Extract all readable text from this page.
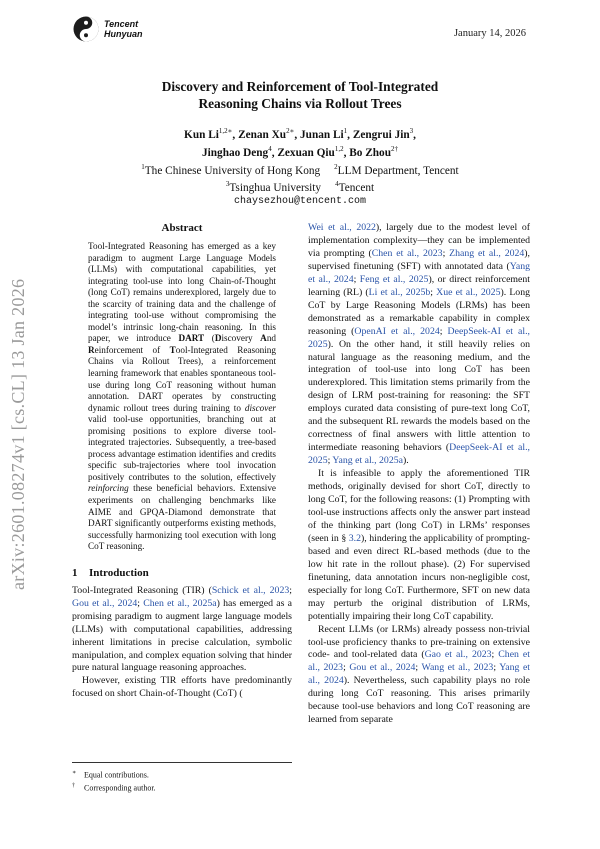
Tencent
Hunyuan	January 14, 2026
arXiv:2601.08274v1 [cs.CL] 13 Jan 2026
Discovery and Reinforcement of Tool-Integrated
Reasoning Chains via Rollout Trees
Kun $Li^{1,2∗}$, Zenan $Xu^{2∗}$, Junan Li$^1$, Zengrui Jin$^3$,
Jinghao Deng$^4$, Zexuan Qiu$^{1,2}$, Bo Zhou$^{2\dagger}$
$^1$The Chinese University of Hong Kong $^2$LLM Department, Tencent
$^3$Tsinghua University $^4$Tencent
chaysezhou@tencent.com
Abstract
Tool-Integrated Reasoning has emerged as a key paradigm to augment Large Language Models (LLMs) with computational capabilities, yet integrating tool-use into long Chain-of-Thought (long CoT) remains underexplored, largely due to the scarcity of training data and the challenge of integrating tool-use without compromising the model’s intrinsic long-chain reasoning. In this paper, we introduce DART (Discovery And Reinforcement of Tool-Integrated Reasoning Chains via Rollout Trees), a reinforcement learning framework that enables spontaneous tool-use during long CoT reasoning without human annotation. DART operates by constructing dynamic rollout trees during training to discover valid tool-use opportunities, branching out at promising positions to explore diverse tool-integrated trajectories. Subsequently, a tree-based process advantage estimation identifies and credits specific sub-trajectories where tool invocation positively contributes to the solution, effectively reinforcing these beneficial behaviors. Extensive experiments on challenging benchmarks like AIME and GPQA-Diamond demonstrate that DART significantly outperforms existing methods, successfully harmonizing tool execution with long CoT reasoning.
1 Introduction

Tool-Integrated Reasoning (TIR) (Schick et al., 2023; Gou et al., 2024; Chen et al., 2025a) has emerged as a promising paradigm to augment large language models (LLMs) with computational capabilities, addressing inherent limitations in precise calculation, symbolic manipulation, and complex equation solving that hinder pure natural language reasoning approaches.

However, existing TIR efforts have predominantly focused on short Chain-of-Thought (CoT) (

Wei et al., 2022), largely due to the modest level of implementation complexity—they can be implemented via prompting (Chen et al., 2023; Zhang et al., 2024), supervised finetuning (SFT) with annotated data (Yang et al., 2024; Feng et al., 2025), or direct reinforcement learning (RL) (Li et al., 2025b; Xue et al., 2025). Long CoT by Large Reasoning Models (LRMs) has been demonstrated as a remarkable capability in complex reasoning (OpenAI et al., 2024; DeepSeek-AI et al., 2025). On the other hand, it still heavily relies on natural language as the reasoning medium, and the integration of tool-use into long CoT has been underexplored. This limitation stems primarily from the design of LRM post-training for reasoning: the SFT employs curated data consisting of pure-text long CoT, and the subsequent RL rewards the models based on the correctness of final answers with little attention to intermediate reasoning behaviors (DeepSeek-AI et al., 2025; Yang et al., 2025a).

It is infeasible to apply the aforementioned TIR methods, originally devised for short CoT, directly to long CoT, for the following reasons: (1) Prompting with tool-use instructions affects only the answer part instead of the thinking part (long CoT) in LRMs’ responses (seen in § 3.2), hindering the applicability of prompting-based and even direct RL-based methods (due to the low hit rate in the rollout phase). (2) For supervised finetuning, data annotation incurs non-negligible cost, especially for long CoT. Furthermore, SFT on new data may perturb the original distribution of LRMs, potentially impairing their long CoT capability.

Recent LLMs (or LRMs) already possess non-trivial tool-use proficiency thanks to pre-training on extensive code- and tool-related data (Gao et al., 2023; Chen et al., 2023; Gou et al., 2024; Wang et al., 2023; Yang et al., 2024). Nevertheless, such capability plays no role during long CoT reasoning. This arises primarily because tool-use behaviors and long CoT reasoning are learned from separate

∗ Equal contributions.
† Corresponding author.
